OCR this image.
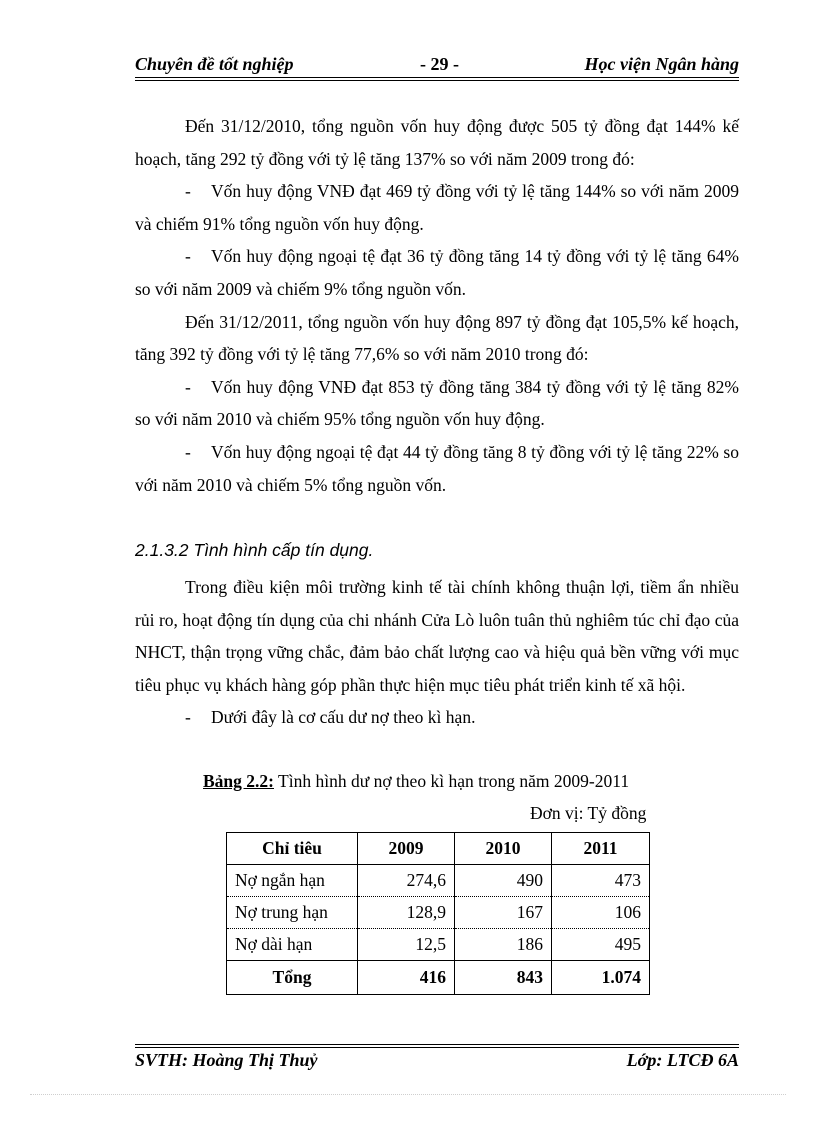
Chuyên đề tốt nghiệp	- 29 -	Học viện Ngân hàng

Đến 31/12/2010, tổng nguồn vốn huy động được 505 tỷ đồng đạt 144% kế hoạch, tăng 292 tỷ đồng với tỷ lệ tăng 137% so với năm 2009 trong đó:

- Vốn huy động VNĐ đạt 469 tỷ đồng với tỷ lệ tăng 144% so với năm 2009 và chiếm 91% tổng nguồn vốn huy động.

- Vốn huy động ngoại tệ đạt 36 tỷ đồng tăng 14 tỷ đồng với tỷ lệ tăng 64% so với năm 2009 và chiếm 9% tổng nguồn vốn.

Đến 31/12/2011, tổng nguồn vốn huy động 897 tỷ đồng đạt 105,5% kế hoạch, tăng 392 tỷ đồng với tỷ lệ tăng 77,6% so với năm 2010 trong đó:

- Vốn huy động VNĐ đạt 853 tỷ đồng tăng 384 tỷ đồng với tỷ lệ tăng 82% so với năm 2010 và chiếm 95% tổng nguồn vốn huy động.

- Vốn huy động ngoại tệ đạt 44 tỷ đồng tăng 8 tỷ đồng với tỷ lệ tăng 22% so với năm 2010 và chiếm 5% tổng nguồn vốn.

2.1.3.2 Tình hình cấp tín dụng.

Trong điều kiện môi trường kinh tế tài chính không thuận lợi, tiềm ẩn nhiều rủi ro, hoạt động tín dụng của chi nhánh Cửa Lò luôn tuân thủ nghiêm túc chỉ đạo của NHCT, thận trọng vững chắc, đảm bảo chất lượng cao và hiệu quả bền vững với mục tiêu phục vụ khách hàng góp phần thực hiện mục tiêu phát triển kinh tế xã hội.

- Dưới đây là cơ cấu dư nợ theo kì hạn.

Bảng 2.2: Tình hình dư nợ theo kì hạn trong năm 2009-2011
Đơn vị: Tỷ đồng
Chỉ tiêu	2009	2010	2011
Nợ ngắn hạn	274,6	490	473
Nợ trung hạn	128,9	167	106
Nợ dài hạn	12,5	186	495
Tổng	416	843	1.074
SVTH: Hoàng Thị Thuỷ	Lớp: LTCĐ 6A
